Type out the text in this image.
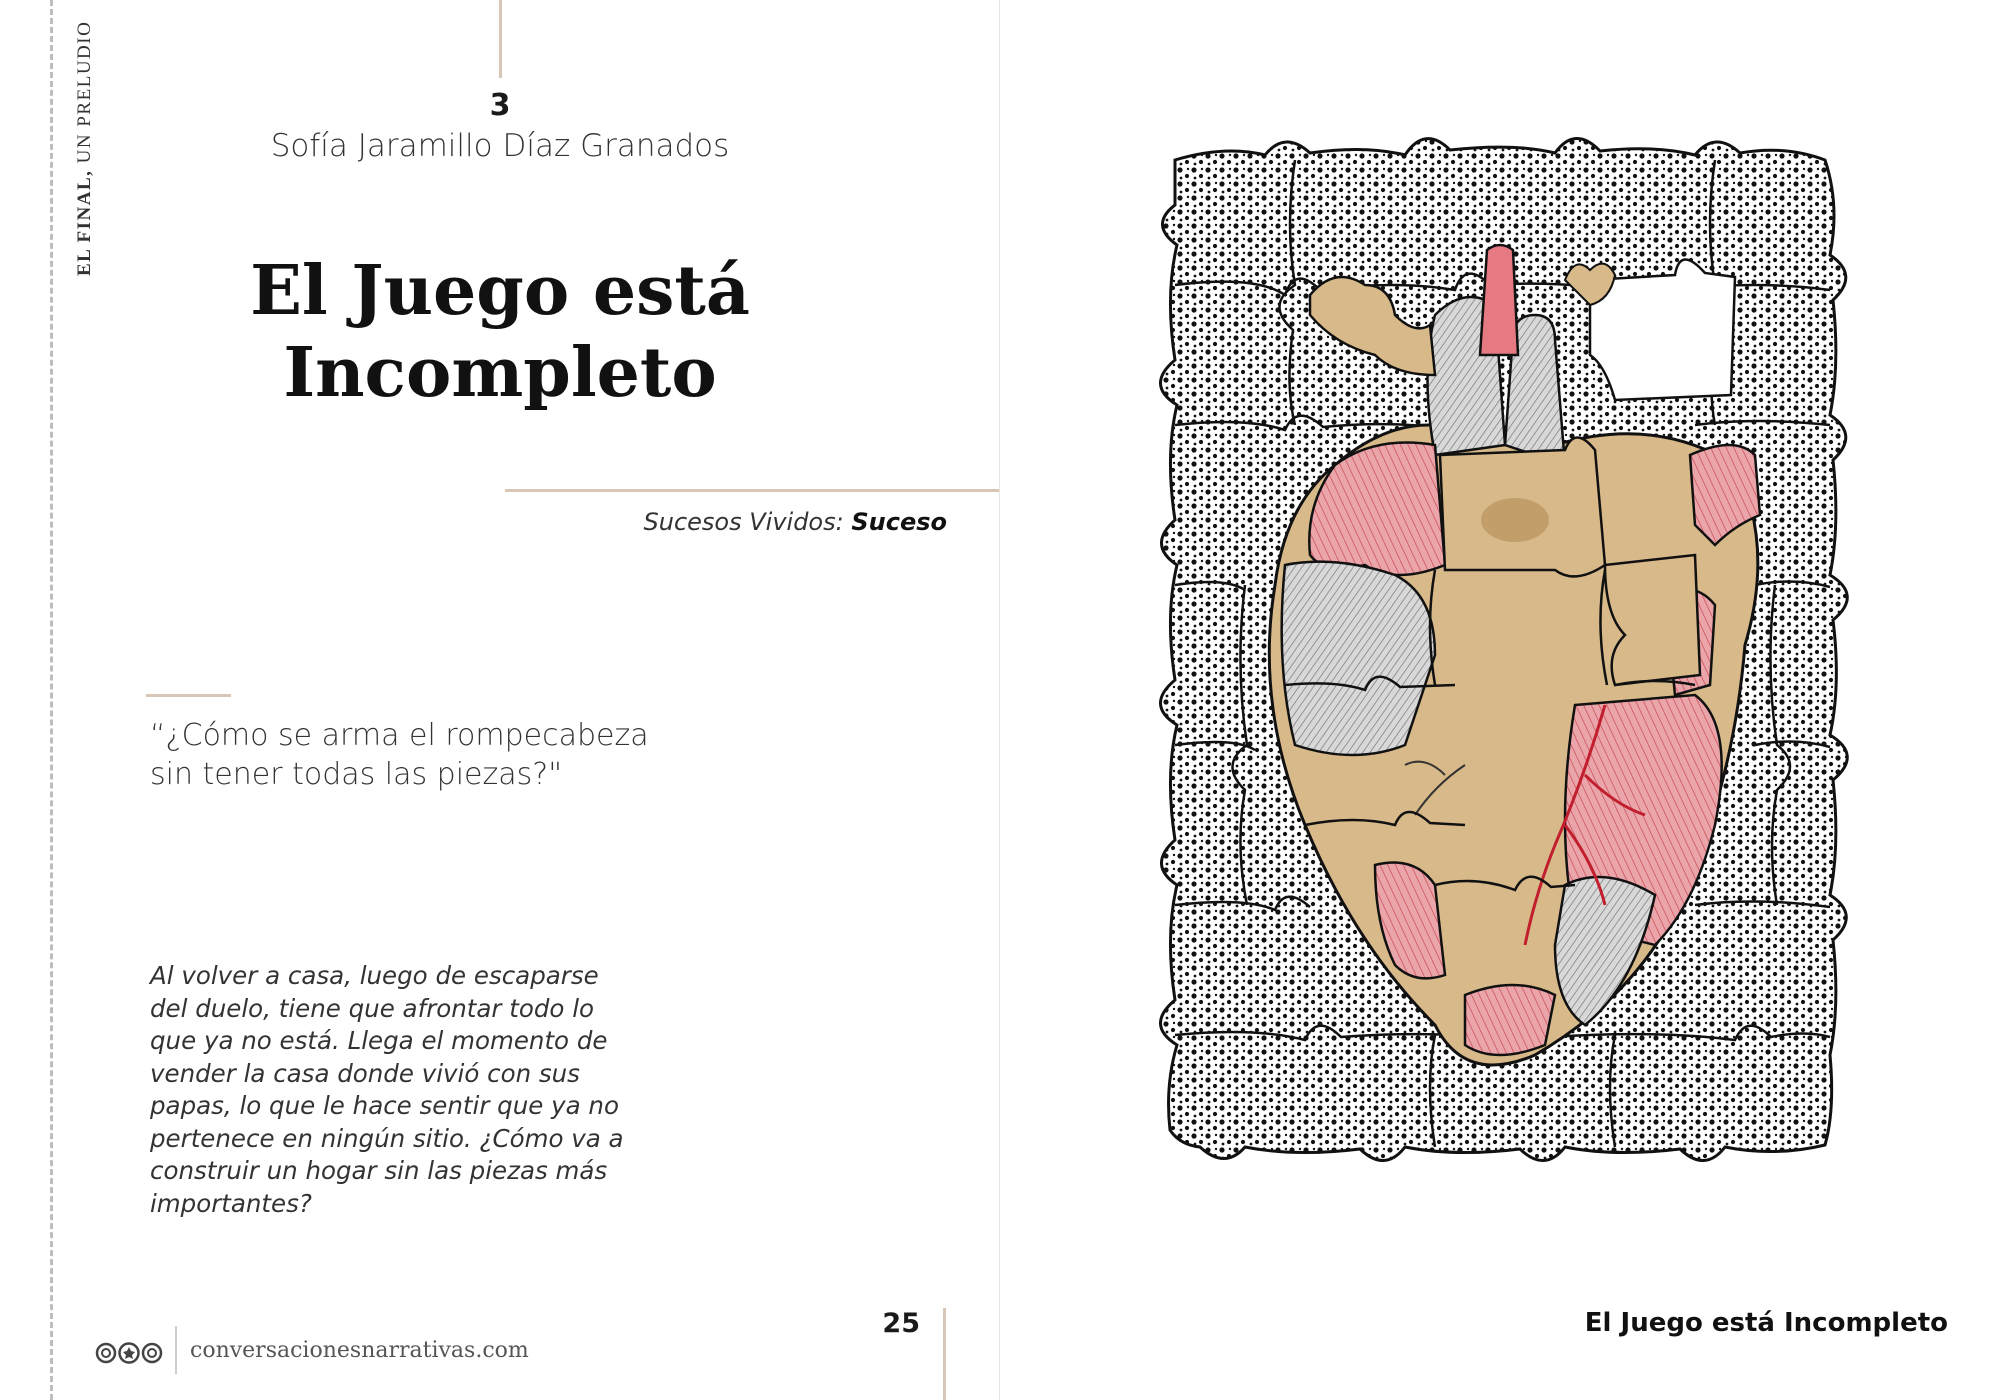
EL FINAL, UN PRELUDIO	3
Sofía Jaramillo Díaz Granados
El Juego está
Incompleto
Sucesos Vividos: Suceso
“¿Cómo se arma el rompecabeza sin tener todas las piezas?"
Al volver a casa, luego de escaparse del duelo, tiene que afrontar todo lo que ya no está. Llega el momento de vender la casa donde vivió con sus papas, lo que le hace sentir que ya no pertenece en ningún sitio. ¿Cómo va a construir un hogar sin las piezas más importantes?
conversacionesnarrativas.com
25	El Juego está Incompleto
